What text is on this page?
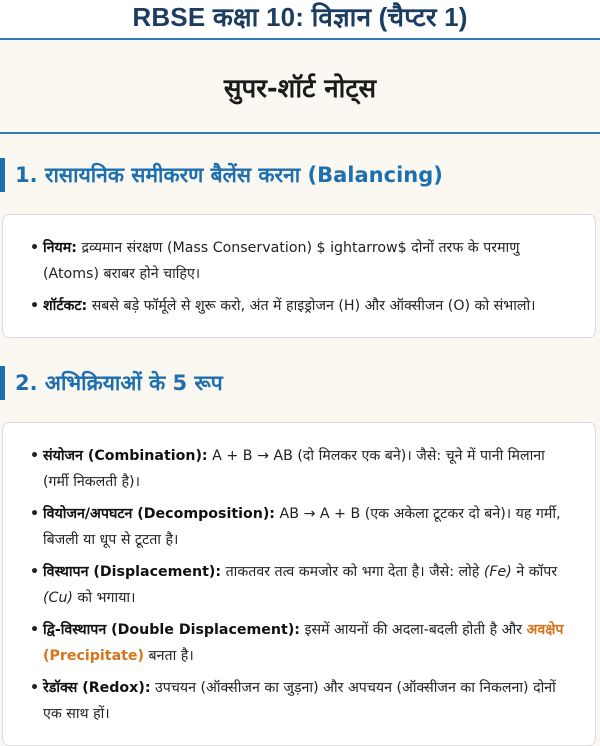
RBSE कक्षा 10: विज्ञान (चैप्टर 1)
सुपर-शॉर्ट नोट्स
1. रासायनिक समीकरण बैलेंस करना (Balancing)
• नियम: द्रव्यमान संरक्षण (Mass Conservation) $ ightarrow$ दोनों तरफ के परमाणु (Atoms) बराबर होने चाहिए।
• शॉर्टकट: सबसे बड़े फॉर्मूले से शुरू करो, अंत में हाइड्रोजन (H) और ऑक्सीजन (O) को संभालो।
2. अभिक्रियाओं के 5 रूप
• संयोजन (Combination): A + B → AB (दो मिलकर एक बने)। जैसे: चूने में पानी मिलाना (गर्मी निकलती है)।
• वियोजन/अपघटन (Decomposition): AB → A + B (एक अकेला टूटकर दो बने)। यह गर्मी, बिजली या धूप से टूटता है।
• विस्थापन (Displacement): ताकतवर तत्व कमजोर को भगा देता है। जैसे: लोहे (Fe) ने कॉपर (Cu) को भगाया।
• द्वि-विस्थापन (Double Displacement): इसमें आयनों की अदला-बदली होती है और अवक्षेप (Precipitate) बनता है।
• रेडॉक्स (Redox): उपचयन (ऑक्सीजन का जुड़ना) और अपचयन (ऑक्सीजन का निकलना) दोनों एक साथ हों।
